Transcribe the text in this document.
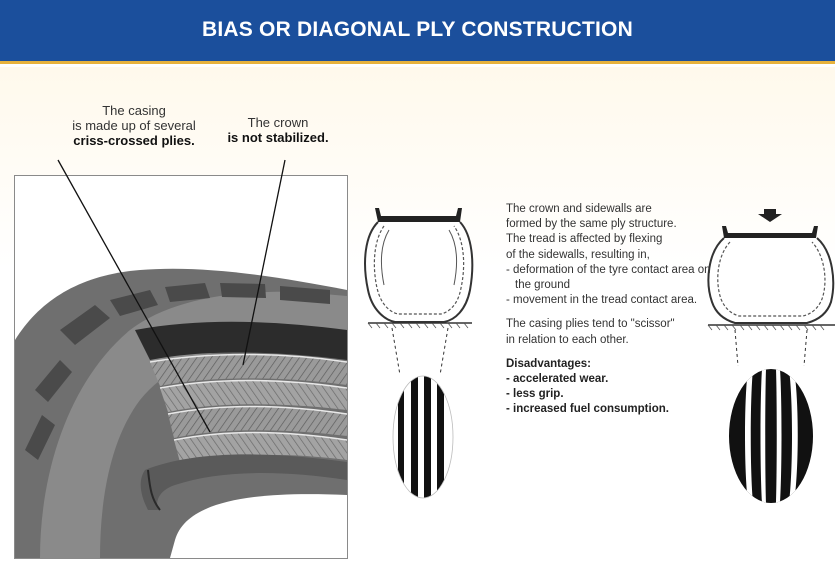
BIAS OR DIAGONAL PLY CONSTRUCTION
The casing
is made up of several
criss-crossed plies.
The crown
is not stabilized.
The crown and sidewalls are
formed by the same ply structure.
The tread is affected by flexing
of the sidewalls, resulting in,
- deformation of the tyre contact area on the ground
- movement in the tread contact area.
The casing plies tend to "scissor"
in relation to each other.
Disadvantages:
- accelerated wear.
- less grip.
- increased fuel consumption.
